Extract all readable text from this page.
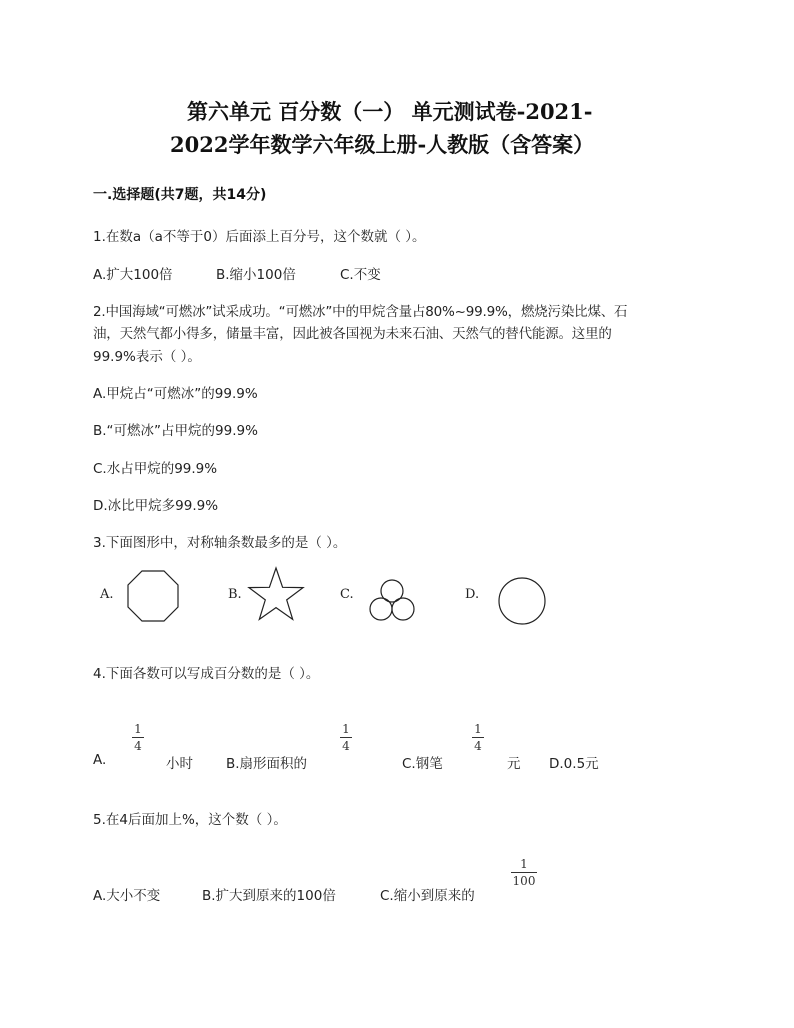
第六单元 百分数（一） 单元测试卷-2021-
2022学年数学六年级上册-人教版（含答案）
一.选择题(共7题，共14分)
1.在数a（a不等于0）后面添上百分号，这个数就（ ）。
A.扩大100倍	B.缩小100倍	C.不变
2.中国海域“可燃冰”试采成功。“可燃冰”中的甲烷含量占80%~99.9%，燃烧污染比煤、石
油，天然气都小得多，储量丰富，因此被各国视为未来石油、天然气的替代能源。这里的
99.9%表示（ ）。
A.甲烷占“可燃冰”的99.9%
B.“可燃冰”占甲烷的99.9%
C.水占甲烷的99.9%
D.冰比甲烷多99.9%
3.下面图形中，对称轴条数最多的是（ ）。
A.	B.	C.	D.
4.下面各数可以写成百分数的是（ ）。
1
4
1
4
1
4
A.	小时 B.扇形面积的	C.钢笔	元 D.0.5元
5.在4后面加上%，这个数（ ）。
1
100
A.大小不变	B.扩大到原来的100倍	C.缩小到原来的
